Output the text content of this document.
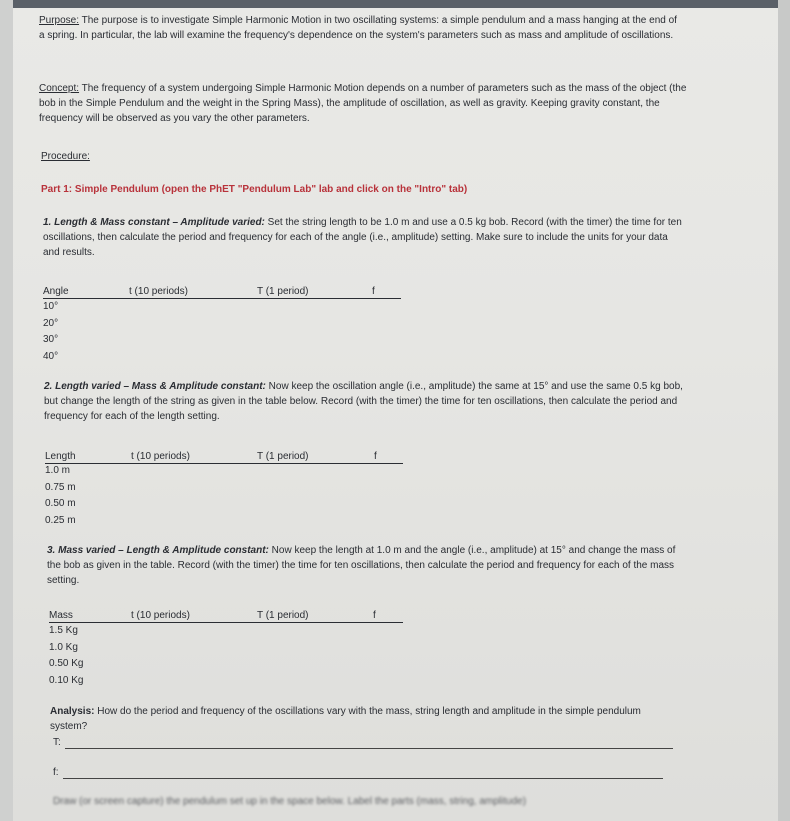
Purpose: The purpose is to investigate Simple Harmonic Motion in two oscillating systems: a simple pendulum and a mass hanging at the end of a spring. In particular, the lab will examine the frequency's dependence on the system's parameters such as mass and amplitude of oscillations.

Concept: The frequency of a system undergoing Simple Harmonic Motion depends on a number of parameters such as the mass of the object (the bob in the Simple Pendulum and the weight in the Spring Mass), the amplitude of oscillation, as well as gravity. Keeping gravity constant, the frequency will be observed as you vary the other parameters.

Procedure:

Part 1: Simple Pendulum (open the PhET "Pendulum Lab" lab and click on the "Intro" tab)

1. Length & Mass constant – Amplitude varied: Set the string length to be 1.0 m and use a 0.5 kg bob. Record (with the timer) the time for ten oscillations, then calculate the period and frequency for each of the angle (i.e., amplitude) setting. Make sure to include the units for your data and results.

Angle	t (10 periods)	T (1 period)	f
10°
20°
30°
40°

2. Length varied – Mass & Amplitude constant: Now keep the oscillation angle (i.e., amplitude) the same at 15° and use the same 0.5 kg bob, but change the length of the string as given in the table below. Record (with the timer) the time for ten oscillations, then calculate the period and frequency for each of the length setting.

Length	t (10 periods)	T (1 period)	f
1.0 m
0.75 m
0.50 m
0.25 m

3. Mass varied – Length & Amplitude constant: Now keep the length at 1.0 m and the angle (i.e., amplitude) at 15° and change the mass of the bob as given in the table. Record (with the timer) the time for ten oscillations, then calculate the period and frequency for each of the mass setting.

Mass	t (10 periods)	T (1 period)	f
1.5 Kg
1.0 Kg
0.50 Kg
0.10 Kg

Analysis: How do the period and frequency of the oscillations vary with the mass, string length and amplitude in the simple pendulum system?

T:
f:
Draw (or screen capture) the pendulum set up in the space below. Label the parts (mass, string, amplitude)
